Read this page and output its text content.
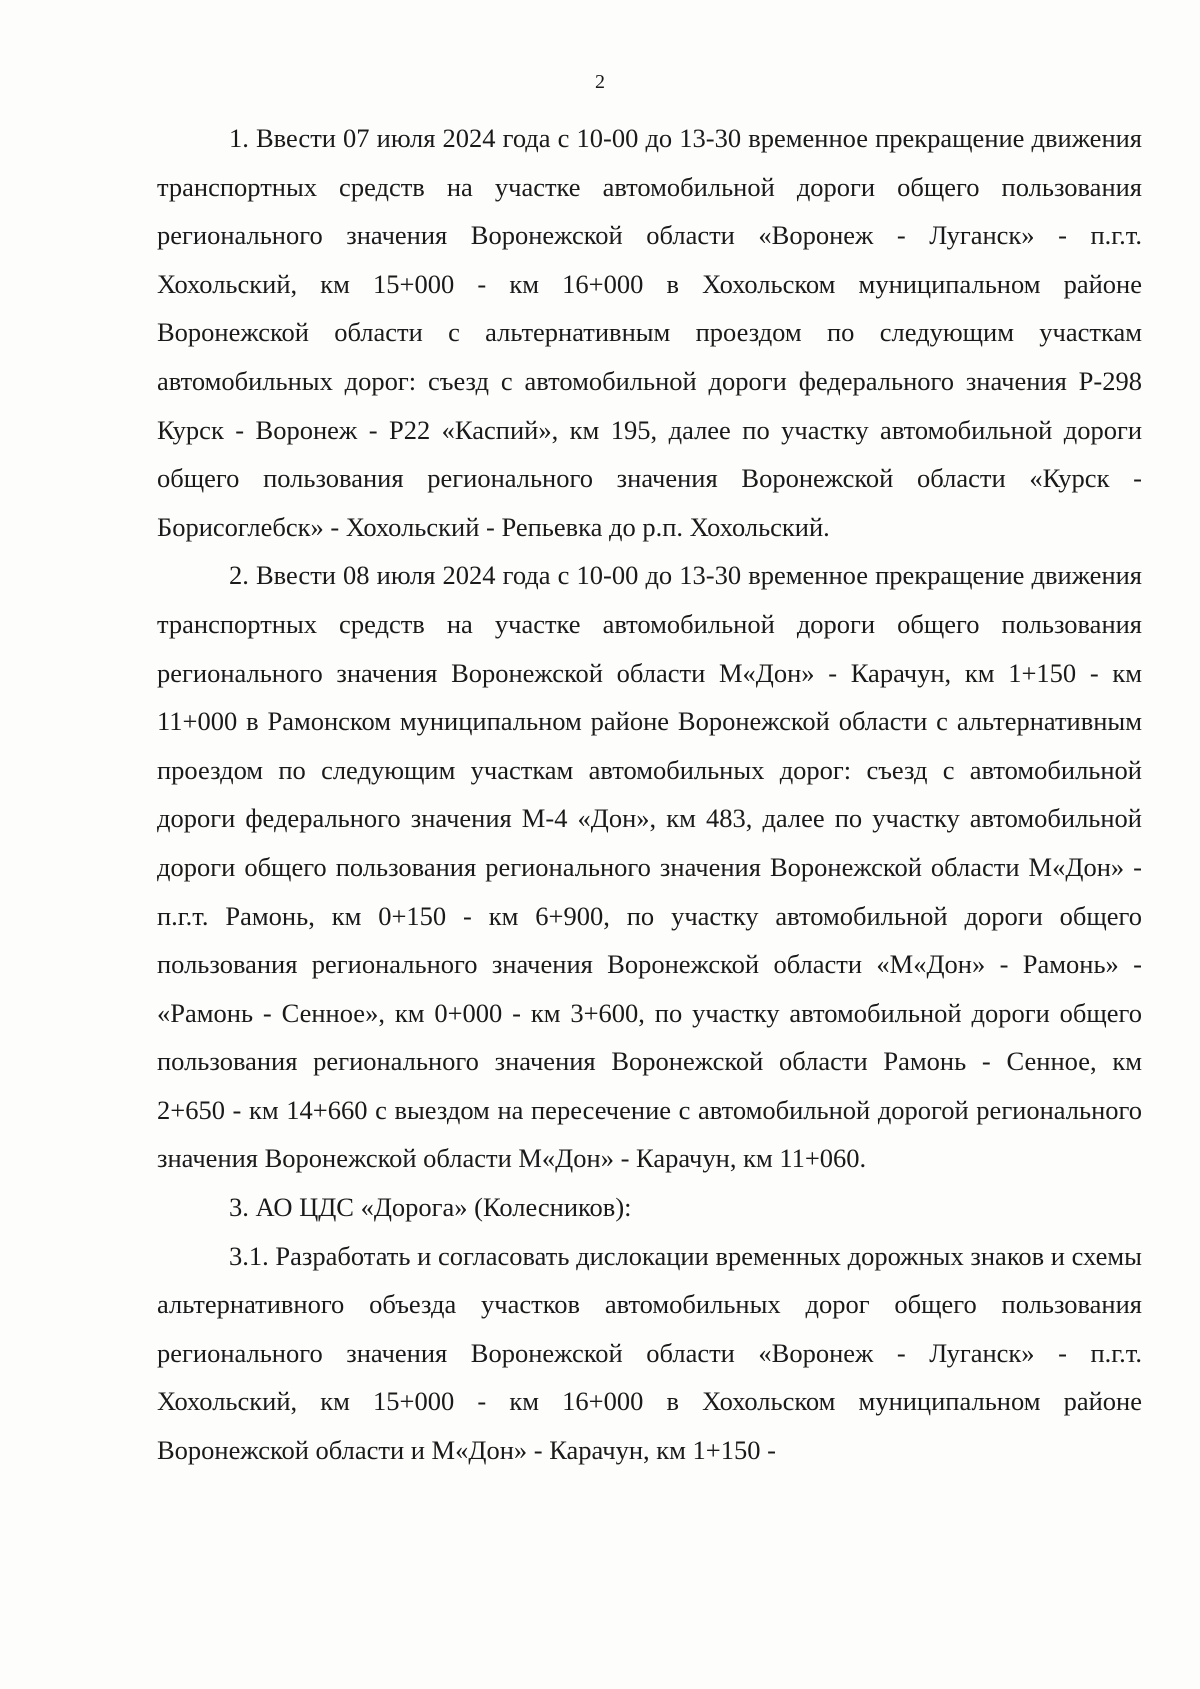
2

1. Ввести 07 июля 2024 года с 10-00 до 13-30 временное прекращение движения транспортных средств на участке автомобильной дороги общего пользования регионального значения Воронежской области «Воронеж - Луганск» - п.г.т. Хохольский, км 15+000 - км 16+000 в Хохольском муниципальном районе Воронежской области с альтернативным проездом по следующим участкам автомобильных дорог: съезд с автомобильной дороги федерального значения Р-298 Курск - Воронеж - Р22 «Каспий», км 195, далее по участку автомобильной дороги общего пользования регионального значения Воронежской области «Курск - Борисоглебск» - Хохольский - Репьевка до р.п. Хохольский.

2. Ввести 08 июля 2024 года с 10-00 до 13-30 временное прекращение движения транспортных средств на участке автомобильной дороги общего пользования регионального значения Воронежской области М«Дон» - Карачун, км 1+150 - км 11+000 в Рамонском муниципальном районе Воронежской области с альтернативным проездом по следующим участкам автомобильных дорог: съезд с автомобильной дороги федерального значения М-4 «Дон», км 483, далее по участку автомобильной дороги общего пользования регионального значения Воронежской области М«Дон» - п.г.т. Рамонь, км 0+150 - км 6+900, по участку автомобильной дороги общего пользования регионального значения Воронежской области «М«Дон» - Рамонь» - «Рамонь - Сенное», км 0+000 - км 3+600, по участку автомобильной дороги общего пользования регионального значения Воронежской области Рамонь - Сенное, км 2+650 - км 14+660 с выездом на пересечение с автомобильной дорогой регионального значения Воронежской области М«Дон» - Карачун, км 11+060.

3. АО ЦДС «Дорога» (Колесников):

3.1. Разработать и согласовать дислокации временных дорожных знаков и схемы альтернативного объезда участков автомобильных дорог общего пользования регионального значения Воронежской области «Воронеж - Луганск» - п.г.т. Хохольский, км 15+000 - км 16+000 в Хохольском муниципальном районе Воронежской области и М«Дон» - Карачун, км 1+150 -
